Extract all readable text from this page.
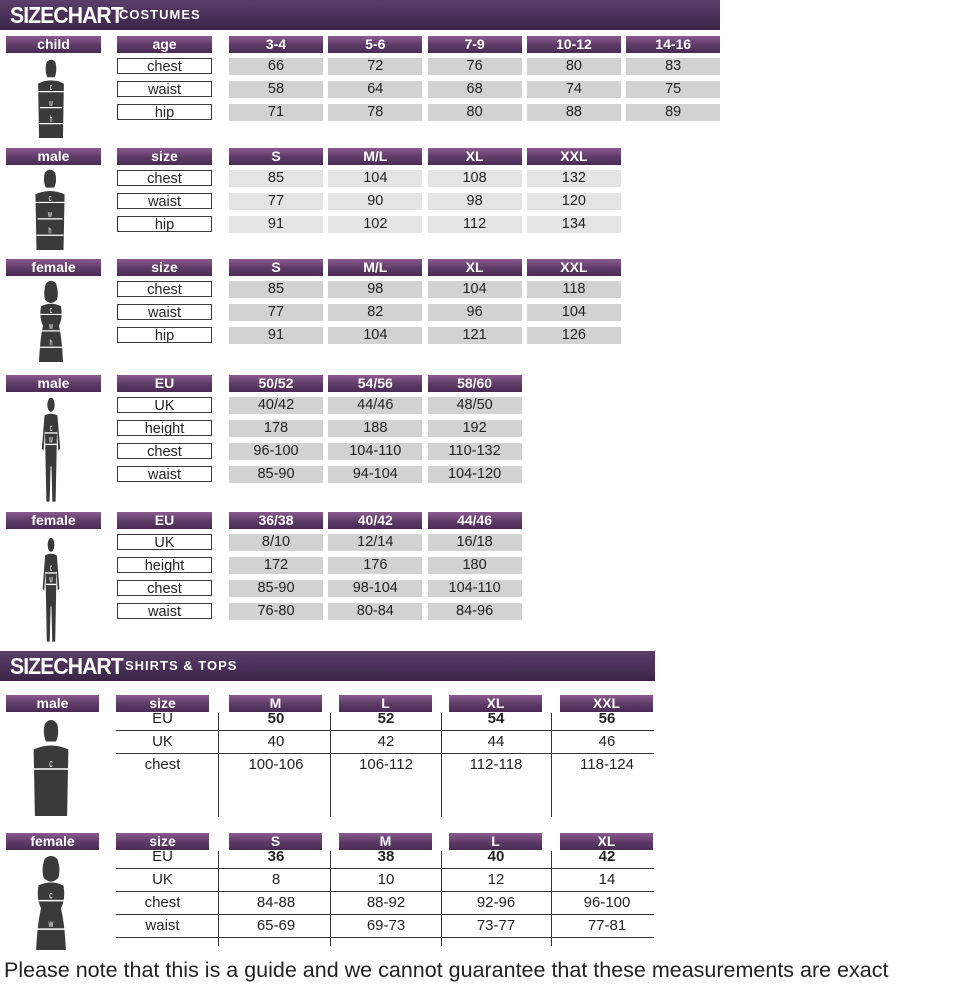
SIZECHART
COSTUMES
SIZECHART SHIRTS & TOPS
child	age	3-4	5-6	7-9	10-12	14-16
chest	66	72	76	80	83
waist	58	64	68	74	75
hip	71	78	80	88	89
male	size	S	M/L	XL	XXL
chest	85	104	108	132
waist	77	90	98	120
hip	91	102	112	134
female	size	S	M/L	XL	XXL
chest	85	98	104	118
waist	77	82	96	104
hip	91	104	121	126
male	EU	50/52	54/56	58/60
UK	40/42	44/46	48/50
height	178	188	192
chest	96-100	104-110	110-132
waist	85-90	94-104	104-120
female	EU	36/38	40/42	44/46
UK	8/10	12/14	16/18
height	172	176	180
chest	85-90	98-104	104-110
waist	76-80	80-84	84-96
c
w
h
c
w
h
c
w
h
c
w
c
w
male	size	M	L	XL	XXL
EU	50	52	54	56
UK	40	42	44	46
chest	100-106	106-112	112-118	118-124
c
female	size	S	M	L	XL
EU	36	38	40	42
UK	8	10	12	14
chest	84-88	88-92	92-96	96-100
waist	65-69	69-73	73-77	77-81
c
w
Please note that this is a guide and we cannot guarantee that these measurements are exact
